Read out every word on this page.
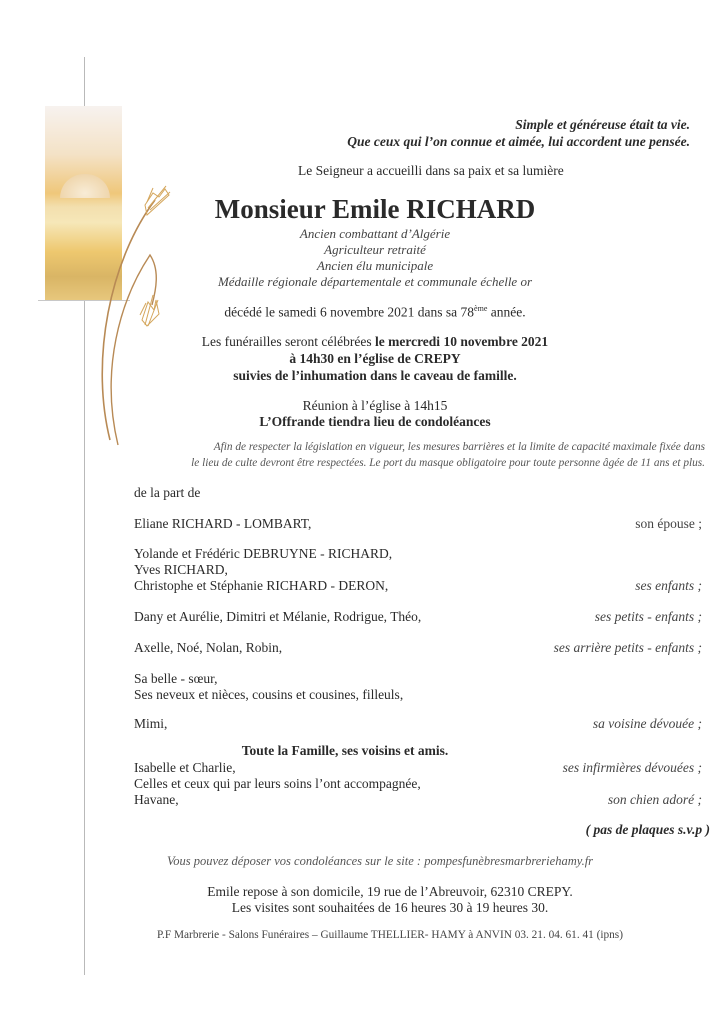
Simple et généreuse était ta vie.
Que ceux qui l’on connue et aimée, lui accordent une pensée.
Le Seigneur a accueilli dans sa paix et sa lumière
Monsieur Emile RICHARD
Ancien combattant d’Algérie
Agriculteur retraité
Ancien élu municipale
Médaille régionale départementale et communale échelle or
décédé le samedi 6 novembre 2021 dans sa 78ème année.
Les funérailles seront célébrées le mercredi 10 novembre 2021
à 14h30 en l’église de CREPY
suivies de l’inhumation dans le caveau de famille.
Réunion à l’église à 14h15
L’Offrande tiendra lieu de condoléances
Afin de respecter la législation en vigueur, les mesures barrières et la limite de capacité maximale fixée dans
le lieu de culte devront être respectées. Le port du masque obligatoire pour toute personne âgée de 11 ans et plus.
de la part de
Eliane RICHARD - LOMBART,	son épouse ;
Yolande et Frédéric DEBRUYNE - RICHARD,
Yves RICHARD,
Christophe et Stéphanie RICHARD - DERON,	ses enfants ;
Dany et Aurélie, Dimitri et Mélanie, Rodrigue, Théo,	ses petits - enfants ;
Axelle, Noé, Nolan, Robin,	ses arrière petits - enfants ;
Sa belle - sœur,
Ses neveux et nièces, cousins et cousines, filleuls,
Mimi,	sa voisine dévouée ;
Toute la Famille, ses voisins et amis.
Isabelle et Charlie,	ses infirmières dévouées ;
Celles et ceux qui par leurs soins l’ont accompagnée,
Havane,	son chien adoré ;
( pas de plaques s.v.p )
Vous pouvez déposer vos condoléances sur le site : pompesfunèbresmarbreriehamy.fr
Emile repose à son domicile, 19 rue de l’Abreuvoir, 62310 CREPY.
Les visites sont souhaitées de 16 heures 30 à 19 heures 30.
P.F Marbrerie - Salons Funéraires – Guillaume THELLIER- HAMY à ANVIN 03. 21. 04. 61. 41 (ipns)
